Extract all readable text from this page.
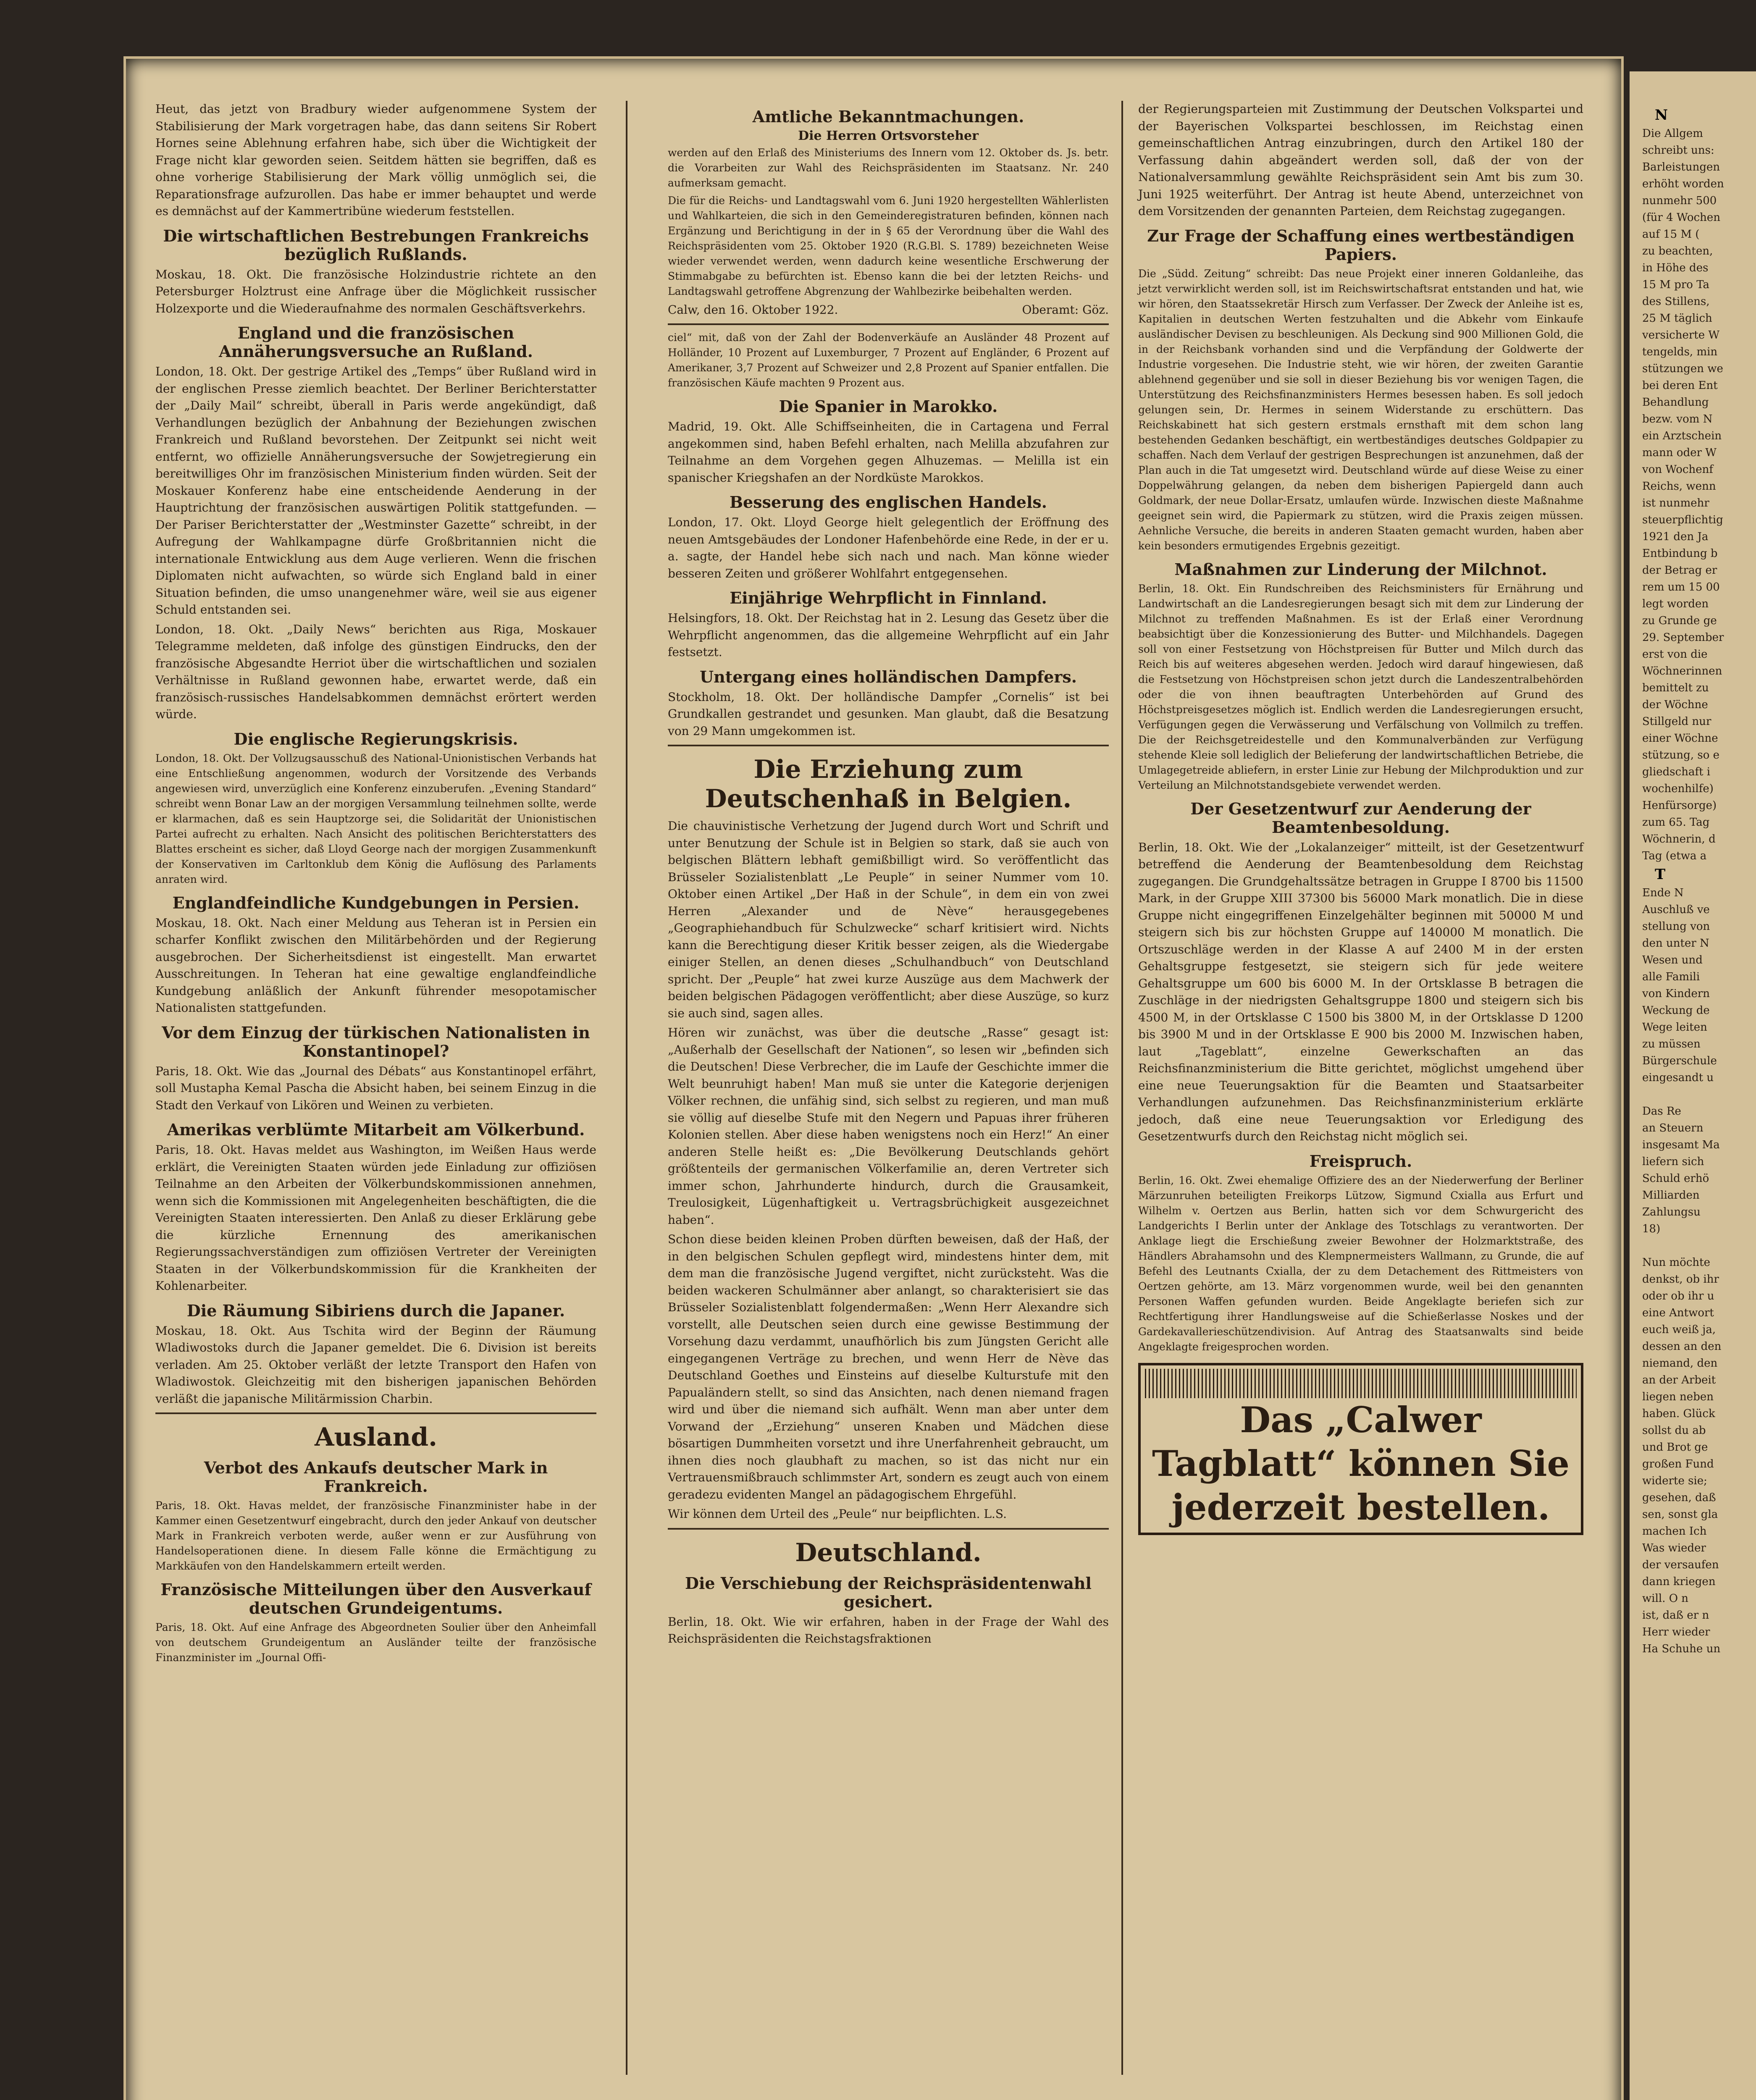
Heut, das jetzt von Bradbury wieder aufgenommene System der Stabilisierung der Mark vorgetragen habe, das dann seitens Sir Robert Hornes seine Ablehnung erfahren habe, sich über die Wichtigkeit der Frage nicht klar geworden seien. Seitdem hätten sie begriffen, daß es ohne vorherige Stabilisierung der Mark völlig unmöglich sei, die Reparationsfrage aufzurollen. Das habe er immer behauptet und werde es demnächst auf der Kammertribüne wiederum feststellen.

Die wirtschaftlichen Bestrebungen Frankreichs bezüglich Rußlands.

Moskau, 18. Okt. Die französische Holzindustrie richtete an den Petersburger Holztrust eine Anfrage über die Möglichkeit russischer Holzexporte und die Wiederaufnahme des normalen Geschäftsverkehrs.

England und die französischen Annäherungsversuche an Rußland.

London, 18. Okt. Der gestrige Artikel des „Temps“ über Rußland wird in der englischen Presse ziemlich beachtet. Der Berliner Berichterstatter der „Daily Mail“ schreibt, überall in Paris werde angekündigt, daß Verhandlungen bezüglich der Anbahnung der Beziehungen zwischen Frankreich und Rußland bevorstehen. Der Zeitpunkt sei nicht weit entfernt, wo offizielle Annäherungsversuche der Sowjetregierung ein bereitwilliges Ohr im französischen Ministerium finden würden. Seit der Moskauer Konferenz habe eine entscheidende Aenderung in der Hauptrichtung der französischen auswärtigen Politik stattgefunden. — Der Pariser Berichterstatter der „Westminster Gazette“ schreibt, in der Aufregung der Wahlkampagne dürfe Großbritannien nicht die internationale Entwicklung aus dem Auge verlieren. Wenn die frischen Diplomaten nicht aufwachten, so würde sich England bald in einer Situation befinden, die umso unangenehmer wäre, weil sie aus eigener Schuld entstanden sei.

London, 18. Okt. „Daily News“ berichten aus Riga, Moskauer Telegramme meldeten, daß infolge des günstigen Eindrucks, den der französische Abgesandte Herriot über die wirtschaftlichen und sozialen Verhältnisse in Rußland gewonnen habe, erwartet werde, daß ein französisch-russisches Handelsabkommen demnächst erörtert werden würde.

Die englische Regierungskrisis.

London, 18. Okt. Der Vollzugsausschuß des National-Unionistischen Verbands hat eine Entschließung angenommen, wodurch der Vorsitzende des Verbands angewiesen wird, unverzüglich eine Konferenz einzuberufen. „Evening Standard“ schreibt wenn Bonar Law an der morgigen Versammlung teilnehmen sollte, werde er klarmachen, daß es sein Hauptzorge sei, die Solidarität der Unionistischen Partei aufrecht zu erhalten. Nach Ansicht des politischen Berichterstatters des Blattes erscheint es sicher, daß Lloyd George nach der morgigen Zusammenkunft der Konservativen im Carltonklub dem König die Auflösung des Parlaments anraten wird.

Englandfeindliche Kundgebungen in Persien.

Moskau, 18. Okt. Nach einer Meldung aus Teheran ist in Persien ein scharfer Konflikt zwischen den Militärbehörden und der Regierung ausgebrochen. Der Sicherheitsdienst ist eingestellt. Man erwartet Ausschreitungen. In Teheran hat eine gewaltige englandfeindliche Kundgebung anläßlich der Ankunft führender mesopotamischer Nationalisten stattgefunden.

Vor dem Einzug der türkischen Nationalisten in Konstantinopel?

Paris, 18. Okt. Wie das „Journal des Débats“ aus Konstantinopel erfährt, soll Mustapha Kemal Pascha die Absicht haben, bei seinem Einzug in die Stadt den Verkauf von Likören und Weinen zu verbieten.

Amerikas verblümte Mitarbeit am Völkerbund.

Paris, 18. Okt. Havas meldet aus Washington, im Weißen Haus werde erklärt, die Vereinigten Staaten würden jede Einladung zur offiziösen Teilnahme an den Arbeiten der Völkerbundskommissionen annehmen, wenn sich die Kommissionen mit Angelegenheiten beschäftigten, die die Vereinigten Staaten interessierten. Den Anlaß zu dieser Erklärung gebe die kürzliche Ernennung des amerikanischen Regierungssachverständigen zum offiziösen Vertreter der Vereinigten Staaten in der Völkerbundskommission für die Krankheiten der Kohlenarbeiter.

Die Räumung Sibiriens durch die Japaner.

Moskau, 18. Okt. Aus Tschita wird der Beginn der Räumung Wladiwostoks durch die Japaner gemeldet. Die 6. Division ist bereits verladen. Am 25. Oktober verläßt der letzte Transport den Hafen von Wladiwostok. Gleichzeitig mit den bisherigen japanischen Behörden verläßt die japanische Militärmission Charbin.

Ausland.
Verbot des Ankaufs deutscher Mark in Frankreich.

Paris, 18. Okt. Havas meldet, der französische Finanzminister habe in der Kammer einen Gesetzentwurf eingebracht, durch den jeder Ankauf von deutscher Mark in Frankreich verboten werde, außer wenn er zur Ausführung von Handelsoperationen diene. In diesem Falle könne die Ermächtigung zu Markkäufen von den Handelskammern erteilt werden.

Französische Mitteilungen über den Ausverkauf deutschen Grundeigentums.

Paris, 18. Okt. Auf eine Anfrage des Abgeordneten Soulier über den Anheimfall von deutschem Grundeigentum an Ausländer teilte der französische Finanzminister im „Journal Offi-

Amtliche Bekanntmachungen.
Die Herren Ortsvorsteher

werden auf den Erlaß des Ministeriums des Innern vom 12. Oktober ds. Js. betr. die Vorarbeiten zur Wahl des Reichspräsidenten im Staatsanz. Nr. 240 aufmerksam gemacht.

Die für die Reichs- und Landtagswahl vom 6. Juni 1920 hergestellten Wählerlisten und Wahlkarteien, die sich in den Gemeinderegistraturen befinden, können nach Ergänzung und Berichtigung in der in § 65 der Verordnung über die Wahl des Reichspräsidenten vom 25. Oktober 1920 (R.G.Bl. S. 1789) bezeichneten Weise wieder verwendet werden, wenn dadurch keine wesentliche Erschwerung der Stimmabgabe zu befürchten ist. Ebenso kann die bei der letzten Reichs- und Landtagswahl getroffene Abgrenzung der Wahlbezirke beibehalten werden.

Calw, den 16. Oktober 1922.	Oberamt: Göz.

ciel“ mit, daß von der Zahl der Bodenverkäufe an Ausländer 48 Prozent auf Holländer, 10 Prozent auf Luxemburger, 7 Prozent auf Engländer, 6 Prozent auf Amerikaner, 3,7 Prozent auf Schweizer und 2,8 Prozent auf Spanier entfallen. Die französischen Käufe machten 9 Prozent aus.

Die Spanier in Marokko.

Madrid, 19. Okt. Alle Schiffseinheiten, die in Cartagena und Ferral angekommen sind, haben Befehl erhalten, nach Melilla abzufahren zur Teilnahme an dem Vorgehen gegen Alhuzemas. — Melilla ist ein spanischer Kriegshafen an der Nordküste Marokkos.

Besserung des englischen Handels.

London, 17. Okt. Lloyd George hielt gelegentlich der Eröffnung des neuen Amtsgebäudes der Londoner Hafenbehörde eine Rede, in der er u. a. sagte, der Handel hebe sich nach und nach. Man könne wieder besseren Zeiten und größerer Wohlfahrt entgegensehen.

Einjährige Wehrpflicht in Finnland.

Helsingfors, 18. Okt. Der Reichstag hat in 2. Lesung das Gesetz über die Wehrpflicht angenommen, das die allgemeine Wehrpflicht auf ein Jahr festsetzt.

Untergang eines holländischen Dampfers.

Stockholm, 18. Okt. Der holländische Dampfer „Cornelis“ ist bei Grundkallen gestrandet und gesunken. Man glaubt, daß die Besatzung von 29 Mann umgekommen ist.

Die Erziehung zum Deutschenhaß in Belgien.

Die chauvinistische Verhetzung der Jugend durch Wort und Schrift und unter Benutzung der Schule ist in Belgien so stark, daß sie auch von belgischen Blättern lebhaft gemißbilligt wird. So veröffentlicht das Brüsseler Sozialistenblatt „Le Peuple“ in seiner Nummer vom 10. Oktober einen Artikel „Der Haß in der Schule“, in dem ein von zwei Herren „Alexander und de Nève“ herausgegebenes „Geographiehandbuch für Schulzwecke“ scharf kritisiert wird. Nichts kann die Berechtigung dieser Kritik besser zeigen, als die Wiedergabe einiger Stellen, an denen dieses „Schulhandbuch“ von Deutschland spricht. Der „Peuple“ hat zwei kurze Auszüge aus dem Machwerk der beiden belgischen Pädagogen veröffentlicht; aber diese Auszüge, so kurz sie auch sind, sagen alles.

Hören wir zunächst, was über die deutsche „Rasse“ gesagt ist: „Außerhalb der Gesellschaft der Nationen“, so lesen wir „befinden sich die Deutschen! Diese Verbrecher, die im Laufe der Geschichte immer die Welt beunruhigt haben! Man muß sie unter die Kategorie derjenigen Völker rechnen, die unfähig sind, sich selbst zu regieren, und man muß sie völlig auf dieselbe Stufe mit den Negern und Papuas ihrer früheren Kolonien stellen. Aber diese haben wenigstens noch ein Herz!“ An einer anderen Stelle heißt es: „Die Bevölkerung Deutschlands gehört größtenteils der germanischen Völkerfamilie an, deren Vertreter sich immer schon, Jahrhunderte hindurch, durch die Grausamkeit, Treulosigkeit, Lügenhaftigkeit u. Vertragsbrüchigkeit ausgezeichnet haben“.

Schon diese beiden kleinen Proben dürften beweisen, daß der Haß, der in den belgischen Schulen gepflegt wird, mindestens hinter dem, mit dem man die französische Jugend vergiftet, nicht zurücksteht. Was die beiden wackeren Schulmänner aber anlangt, so charakterisiert sie das Brüsseler Sozialistenblatt folgendermaßen: „Wenn Herr Alexandre sich vorstellt, alle Deutschen seien durch eine gewisse Bestimmung der Vorsehung dazu verdammt, unaufhörlich bis zum Jüngsten Gericht alle eingegangenen Verträge zu brechen, und wenn Herr de Nève das Deutschland Goethes und Einsteins auf dieselbe Kulturstufe mit den Papualändern stellt, so sind das Ansichten, nach denen niemand fragen wird und über die niemand sich aufhält. Wenn man aber unter dem Vorwand der „Erziehung“ unseren Knaben und Mädchen diese bösartigen Dummheiten vorsetzt und ihre Unerfahrenheit gebraucht, um ihnen dies noch glaubhaft zu machen, so ist das nicht nur ein Vertrauensmißbrauch schlimmster Art, sondern es zeugt auch von einem geradezu evidenten Mangel an pädagogischem Ehrgefühl.

Wir können dem Urteil des „Peule“ nur beipflichten. L.S.

Deutschland.
Die Verschiebung der Reichspräsidentenwahl gesichert.

Berlin, 18. Okt. Wie wir erfahren, haben in der Frage der Wahl des Reichspräsidenten die Reichstagsfraktionen

der Regierungsparteien mit Zustimmung der Deutschen Volkspartei und der Bayerischen Volkspartei beschlossen, im Reichstag einen gemeinschaftlichen Antrag einzubringen, durch den Artikel 180 der Verfassung dahin abgeändert werden soll, daß der von der Nationalversammlung gewählte Reichspräsident sein Amt bis zum 30. Juni 1925 weiterführt. Der Antrag ist heute Abend, unterzeichnet von dem Vorsitzenden der genannten Parteien, dem Reichstag zugegangen.

Zur Frage der Schaffung eines wertbeständigen Papiers.

Die „Südd. Zeitung“ schreibt: Das neue Projekt einer inneren Goldanleihe, das jetzt verwirklicht werden soll, ist im Reichswirtschaftsrat entstanden und hat, wie wir hören, den Staatssekretär Hirsch zum Verfasser. Der Zweck der Anleihe ist es, Kapitalien in deutschen Werten festzuhalten und die Abkehr vom Einkaufe ausländischer Devisen zu beschleunigen. Als Deckung sind 900 Millionen Gold, die in der Reichsbank vorhanden sind und die Verpfändung der Goldwerte der Industrie vorgesehen. Die Industrie steht, wie wir hören, der zweiten Garantie ablehnend gegenüber und sie soll in dieser Beziehung bis vor wenigen Tagen, die Unterstützung des Reichsfinanzministers Hermes besessen haben. Es soll jedoch gelungen sein, Dr. Hermes in seinem Widerstande zu erschüttern. Das Reichskabinett hat sich gestern erstmals ernsthaft mit dem schon lang bestehenden Gedanken beschäftigt, ein wertbeständiges deutsches Goldpapier zu schaffen. Nach dem Verlauf der gestrigen Besprechungen ist anzunehmen, daß der Plan auch in die Tat umgesetzt wird. Deutschland würde auf diese Weise zu einer Doppelwährung gelangen, da neben dem bisherigen Papiergeld dann auch Goldmark, der neue Dollar-Ersatz, umlaufen würde. Inzwischen dieste Maßnahme geeignet sein wird, die Papiermark zu stützen, wird die Praxis zeigen müssen. Aehnliche Versuche, die bereits in anderen Staaten gemacht wurden, haben aber kein besonders ermutigendes Ergebnis gezeitigt.

Maßnahmen zur Linderung der Milchnot.

Berlin, 18. Okt. Ein Rundschreiben des Reichsministers für Ernährung und Landwirtschaft an die Landesregierungen besagt sich mit dem zur Linderung der Milchnot zu treffenden Maßnahmen. Es ist der Erlaß einer Verordnung beabsichtigt über die Konzessionierung des Butter- und Milchhandels. Dagegen soll von einer Festsetzung von Höchstpreisen für Butter und Milch durch das Reich bis auf weiteres abgesehen werden. Jedoch wird darauf hingewiesen, daß die Festsetzung von Höchstpreisen schon jetzt durch die Landeszentralbehörden oder die von ihnen beauftragten Unterbehörden auf Grund des Höchstpreisgesetzes möglich ist. Endlich werden die Landesregierungen ersucht, Verfügungen gegen die Verwässerung und Verfälschung von Vollmilch zu treffen. Die der Reichsgetreidestelle und den Kommunalverbänden zur Verfügung stehende Kleie soll lediglich der Belieferung der landwirtschaftlichen Betriebe, die Umlagegetreide abliefern, in erster Linie zur Hebung der Milchproduktion und zur Verteilung an Milchnotstandsgebiete verwendet werden.

Der Gesetzentwurf zur Aenderung der Beamtenbesoldung.

Berlin, 18. Okt. Wie der „Lokalanzeiger“ mitteilt, ist der Gesetzentwurf betreffend die Aenderung der Beamtenbesoldung dem Reichstag zugegangen. Die Grundgehaltssätze betragen in Gruppe I 8700 bis 11500 Mark, in der Gruppe XIII 37300 bis 56000 Mark monatlich. Die in diese Gruppe nicht eingegriffenen Einzelgehälter beginnen mit 50000 M und steigern sich bis zur höchsten Gruppe auf 140000 M monatlich. Die Ortszuschläge werden in der Klasse A auf 2400 M in der ersten Gehaltsgruppe festgesetzt, sie steigern sich für jede weitere Gehaltsgruppe um 600 bis 6000 M. In der Ortsklasse B betragen die Zuschläge in der niedrigsten Gehaltsgruppe 1800 und steigern sich bis 4500 M, in der Ortsklasse C 1500 bis 3800 M, in der Ortsklasse D 1200 bis 3900 M und in der Ortsklasse E 900 bis 2000 M. Inzwischen haben, laut „Tageblatt“, einzelne Gewerkschaften an das Reichsfinanzministerium die Bitte gerichtet, möglichst umgehend über eine neue Teuerungsaktion für die Beamten und Staatsarbeiter Verhandlungen aufzunehmen. Das Reichsfinanzministerium erklärte jedoch, daß eine neue Teuerungsaktion vor Erledigung des Gesetzentwurfs durch den Reichstag nicht möglich sei.

Freispruch.

Berlin, 16. Okt. Zwei ehemalige Offiziere des an der Niederwerfung der Berliner Märzunruhen beteiligten Freikorps Lützow, Sigmund Cxialla aus Erfurt und Wilhelm v. Oertzen aus Berlin, hatten sich vor dem Schwurgericht des Landgerichts I Berlin unter der Anklage des Totschlags zu verantworten. Der Anklage liegt die Erschießung zweier Bewohner der Holzmarktstraße, des Händlers Abrahamsohn und des Klempnermeisters Wallmann, zu Grunde, die auf Befehl des Leutnants Cxialla, der zu dem Detachement des Rittmeisters von Oertzen gehörte, am 13. März vorgenommen wurde, weil bei den genannten Personen Waffen gefunden wurden. Beide Angeklagte beriefen sich zur Rechtfertigung ihrer Handlungsweise auf die Schießerlasse Noskes und der Gardekavallerieschützendivision. Auf Antrag des Staatsanwalts sind beide Angeklagte freigesprochen worden.

Das „Calwer Tagblatt“ können Sie jederzeit bestellen.
N
Die Allgem
schreibt uns:
Barleistungen
erhöht worden
nunmehr 500
(für 4 Wochen
auf 15 M (
zu beachten,
in Höhe des
15 M pro Ta
des Stillens,
25 M täglich
versicherte W
tengelds, min
stützungen we
bei deren Ent
Behandlung
bezw. vom N
ein Arztschein
mann oder W
von Wochenf
Reichs, wenn
ist nunmehr
steuerpflichtig
1921 den Ja
Entbindung b
der Betrag er
rem um 15 00
legt worden
zu Grunde ge
29. September
erst von die
Wöchnerinnen
bemittelt zu
der Wöchne
Stillgeld nur
einer Wöchne
stützung, so e
gliedschaft i
wochenhilfe)
Henfürsorge)
zum 65. Tag
Wöchnerin, d
Tag (etwa a
T
Ende N
Auschluß ve
stellung von
den unter N
Wesen und
alle Famili
von Kindern
Weckung de
Wege leiten
zu müssen
Bürgerschule
eingesandt u
Das Re
an Steuern
insgesamt Ma
liefern sich
Schuld erhö
Milliarden
Zahlungsu
18)
Nun möchte
denkst, ob ihr
oder ob ihr u
eine Antwort
euch weiß ja,
dessen an den
niemand, den
an der Arbeit
liegen neben
haben. Glück
sollst du ab
und Brot ge
großen Fund
widerte sie;
gesehen, daß
sen, sonst gla
machen Ich
Was wieder
der versaufen
dann kriegen
will. O n
ist, daß er n
Herr wieder
Ha Schuhe un
